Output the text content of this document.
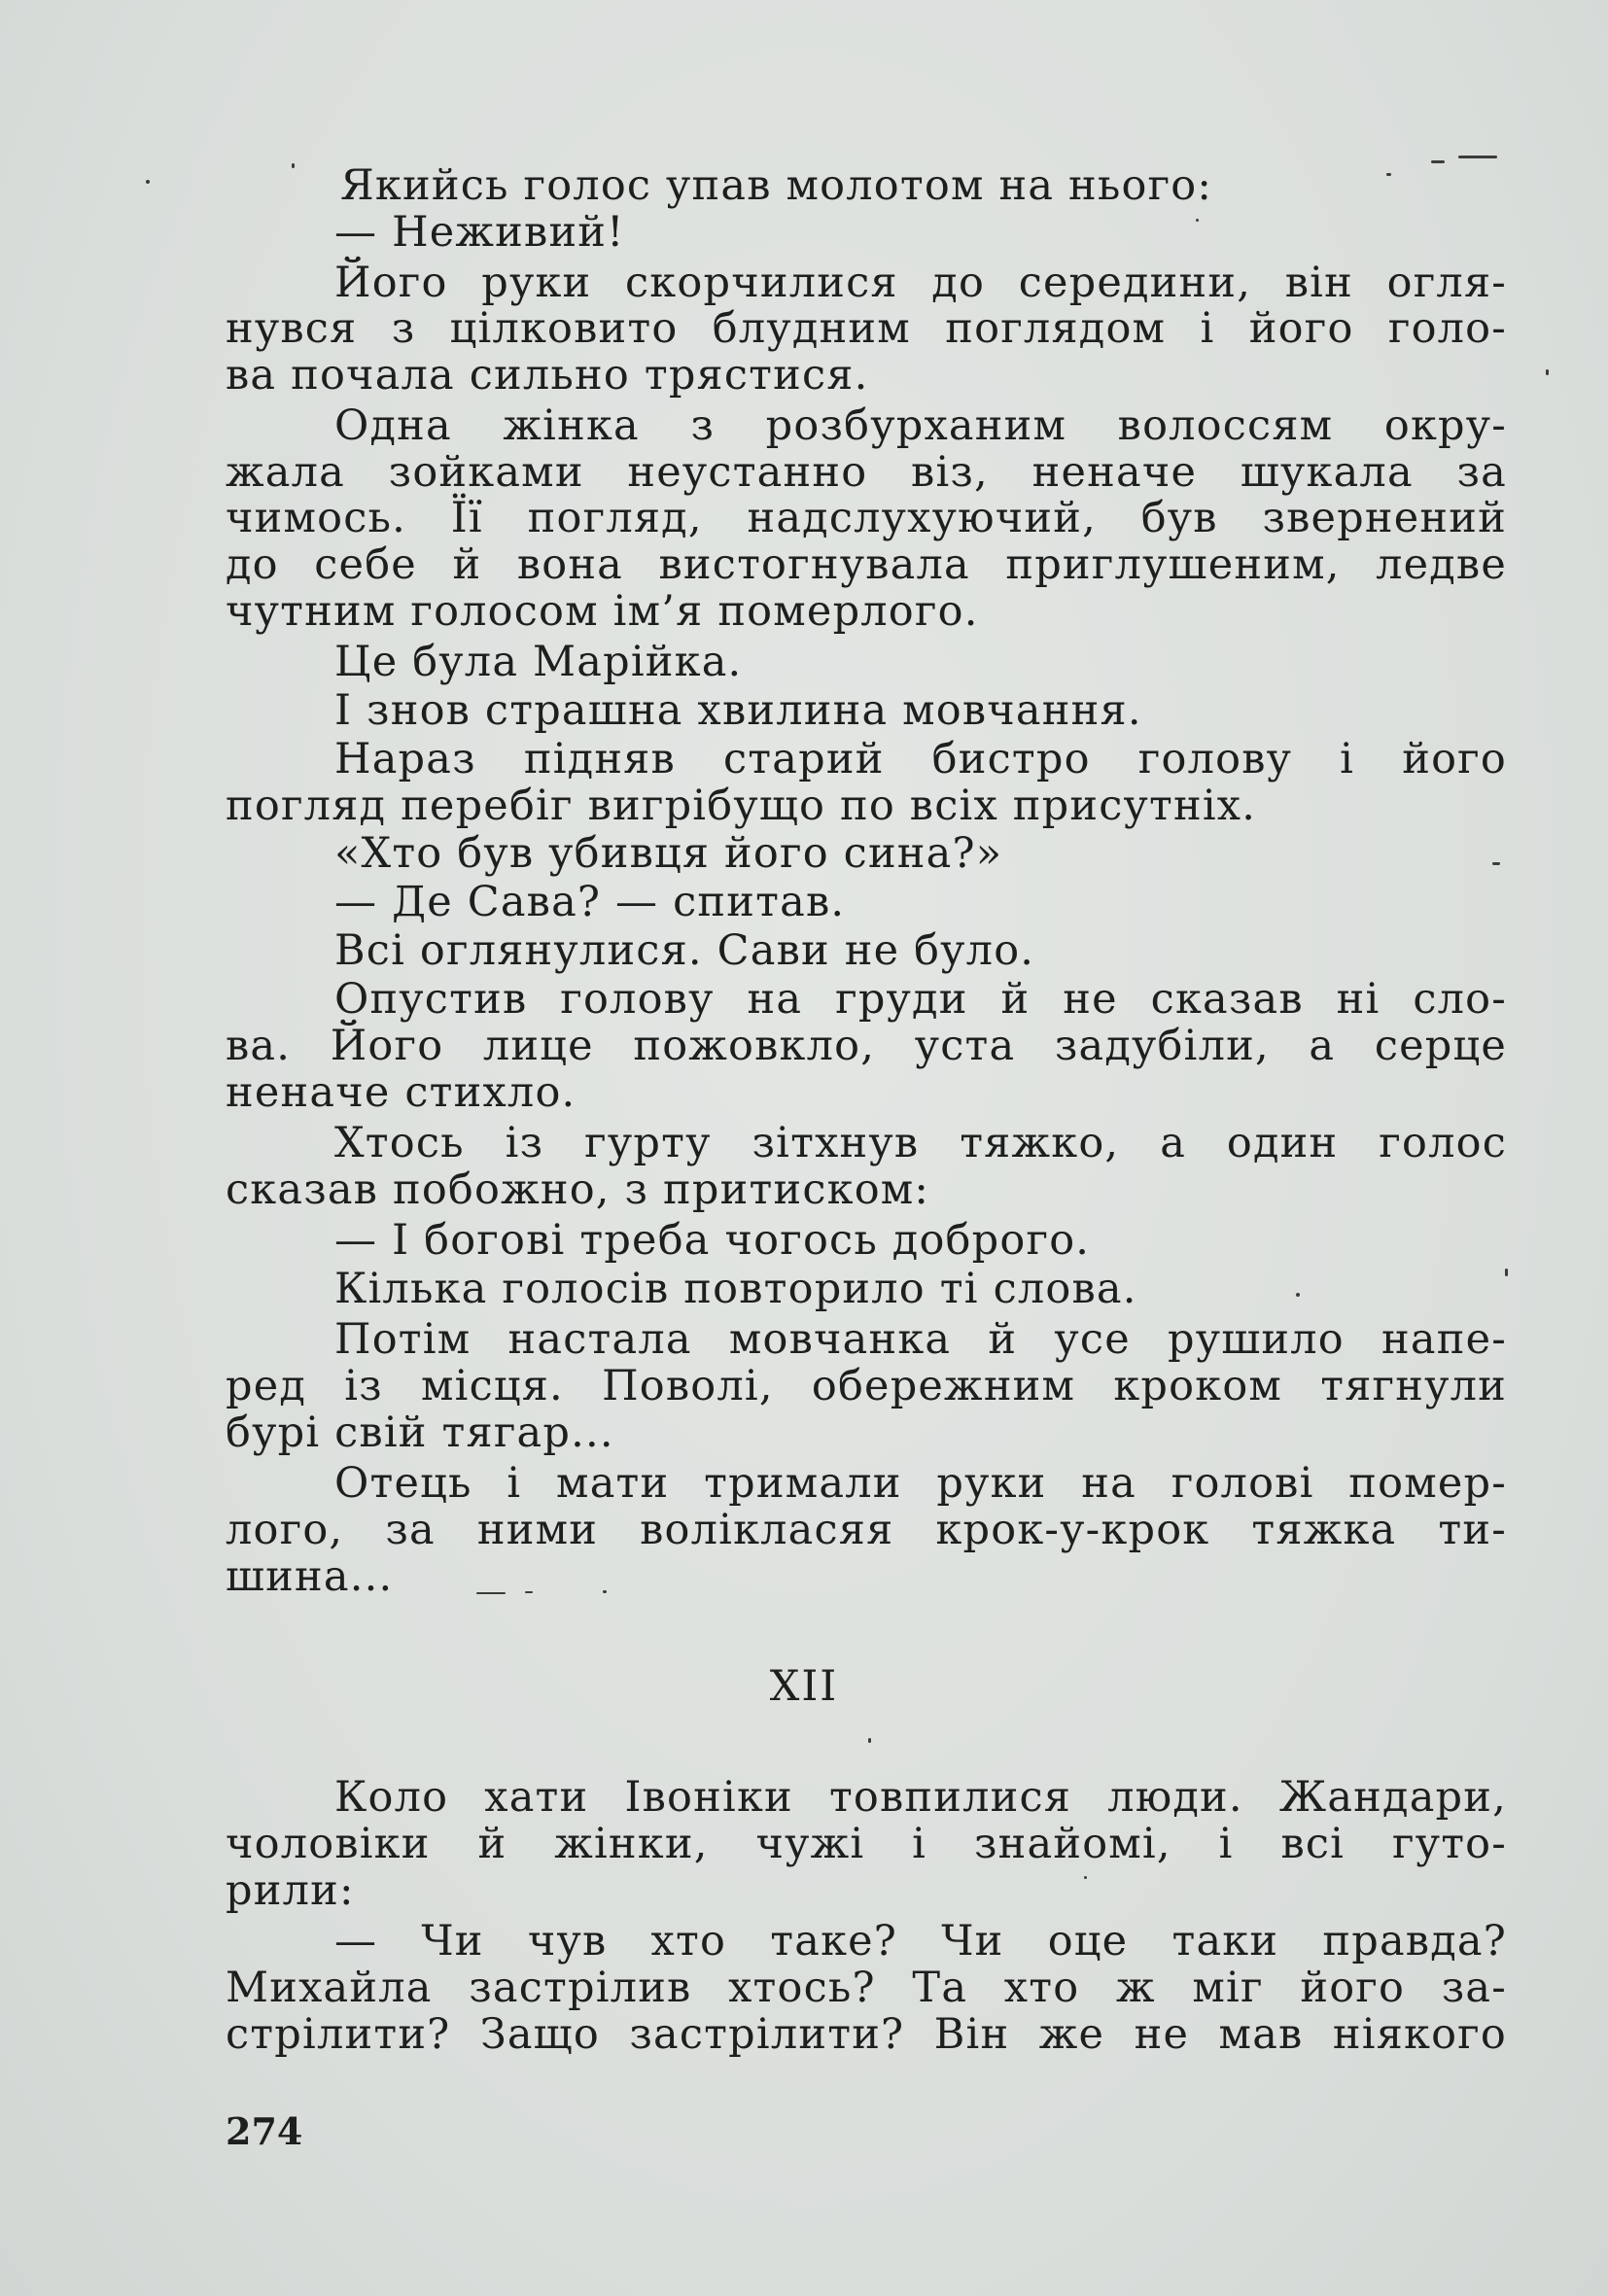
Якийсь голос упав молотом на нього:
— Неживий!
Його руки скорчилися до середини, він огля-
нувся з цілковито блудним поглядом і його голо-
ва почала сильно трястися.
Одна жінка з розбурханим волоссям окру-
жала зойками неустанно віз, неначе шукала за
чимось. Її погляд, надслухуючий, був звернений
до себе й вона вистогнувала приглушеним, ледве
чутним голосом ім’я померлого.
Це була Марійка.
І знов страшна хвилина мовчання.
Нараз підняв старий бистро голову і його
погляд перебіг вигрібущо по всіх присутніх.
«Хто був убивця його сина?»
— Де Сава? — спитав.
Всі оглянулися. Сави не було.
Опустив голову на груди й не сказав ні сло-
ва. Його лице пожовкло, уста задубіли, а серце
неначе стихло.
Хтось із гурту зітхнув тяжко, а один голос
сказав побожно, з притиском:
— І богові треба чогось доброго.
Кілька голосів повторило ті слова.
Потім настала мовчанка й усе рушило напе-
ред із місця. Поволі, обережним кроком тягнули
бурі свій тягар...
Отець і мати тримали руки на голові помер-
лого, за ними волікласяя крок-у-крок тяжка ти-
шина...
Коло хати Івоніки товпилися люди. Жандари,
чоловіки й жінки, чужі і знайомі, і всі гуто-
рили:
— Чи чув хто таке? Чи оце таки правда?
Михайла застрілив хтось? Та хто ж міг його за-
стрілити? Защо застрілити? Він же не мав ніякого
XII
274
